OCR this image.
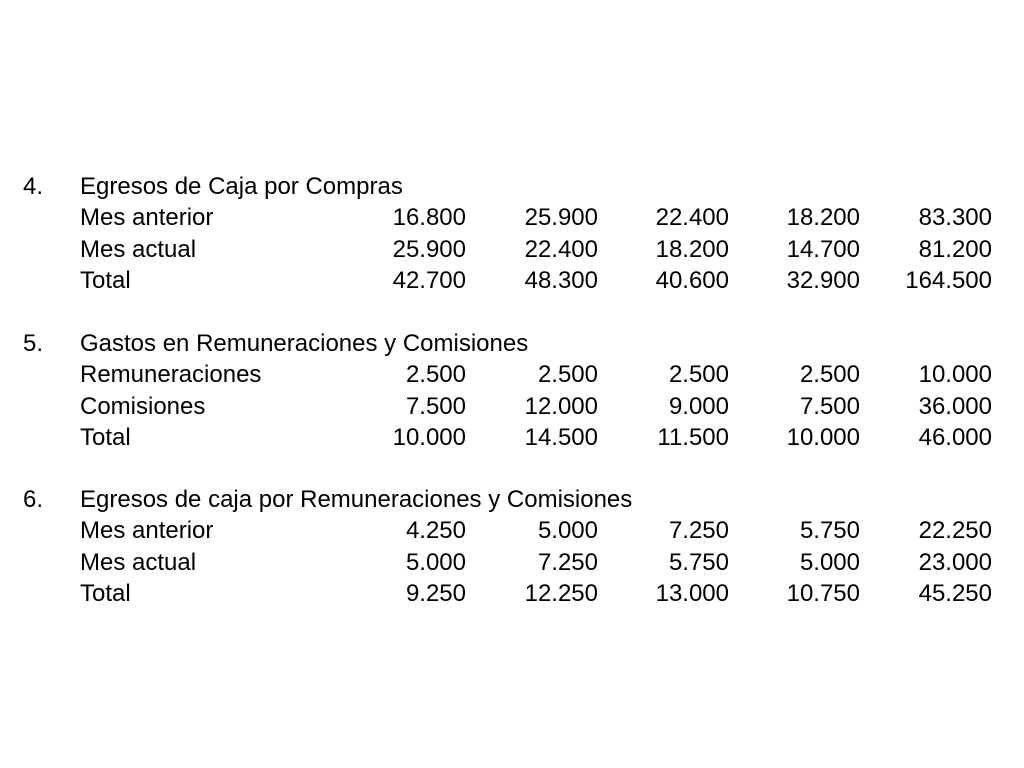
4. Egresos de Caja por Compras
Mes anterior	16.800	25.900	22.400	18.200	83.300
Mes actual	25.900	22.400	18.200	14.700	81.200
Total	42.700	48.300	40.600	32.900	164.500
5. Gastos en Remuneraciones y Comisiones
Remuneraciones	2.500	2.500	2.500	2.500	10.000
Comisiones	7.500	12.000	9.000	7.500	36.000
Total	10.000	14.500	11.500	10.000	46.000
6. Egresos de caja por Remuneraciones y Comisiones
Mes anterior	4.250	5.000	7.250	5.750	22.250
Mes actual	5.000	7.250	5.750	5.000	23.000
Total	9.250	12.250	13.000	10.750	45.250
